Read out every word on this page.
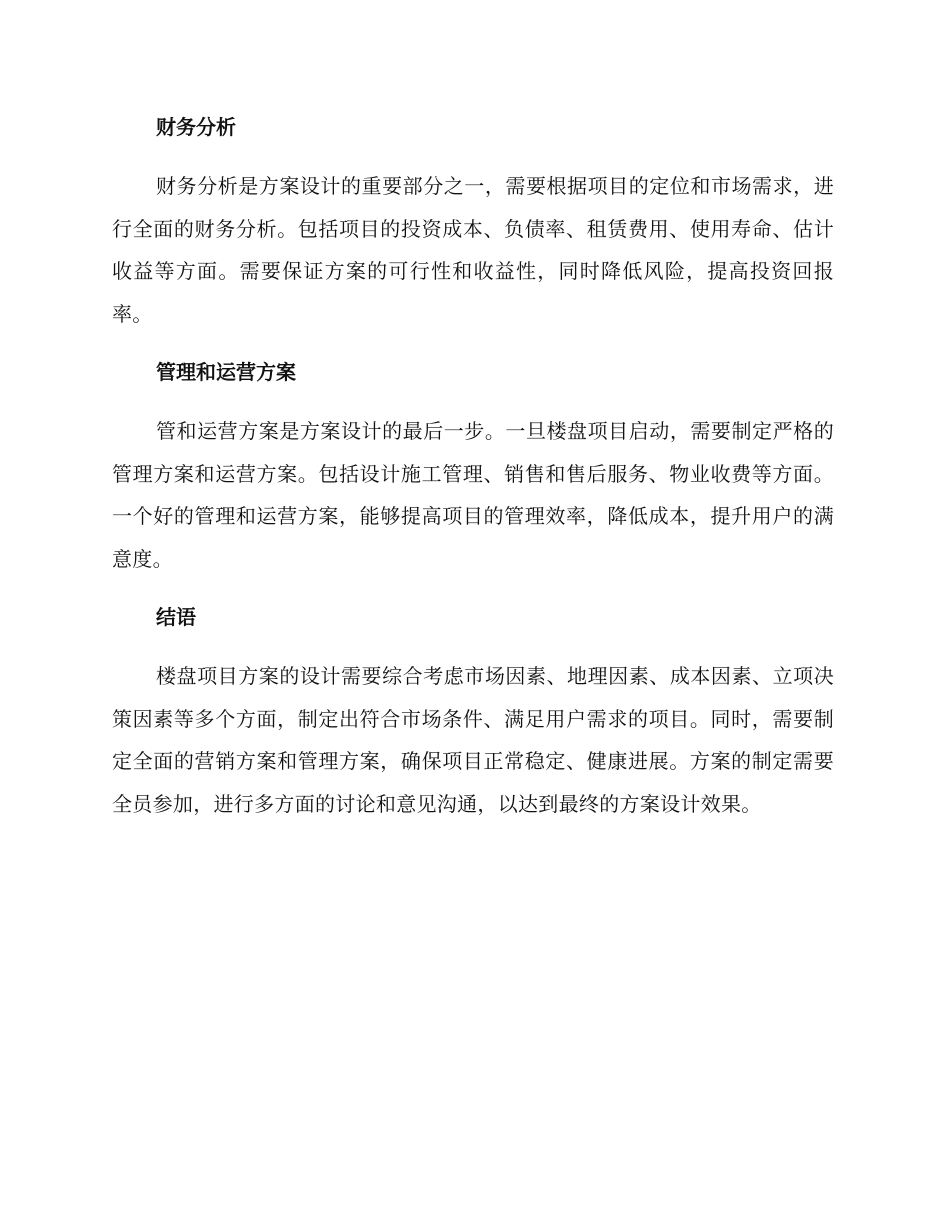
财务分析

财务分析是方案设计的重要部分之一，需要根据项目的定位和市场需求，进行全面的财务分析。包括项目的投资成本、负债率、租赁费用、使用寿命、估计收益等方面。需要保证方案的可行性和收益性，同时降低风险，提高投资回报率。

管理和运营方案

管和运营方案是方案设计的最后一步。一旦楼盘项目启动，需要制定严格的管理方案和运营方案。包括设计施工管理、销售和售后服务、物业收费等方面。一个好的管理和运营方案，能够提高项目的管理效率，降低成本，提升用户的满意度。

结语

楼盘项目方案的设计需要综合考虑市场因素、地理因素、成本因素、立项决策因素等多个方面，制定出符合市场条件、满足用户需求的项目。同时，需要制定全面的营销方案和管理方案，确保项目正常稳定、健康进展。方案的制定需要全员参加，进行多方面的讨论和意见沟通，以达到最终的方案设计效果。
